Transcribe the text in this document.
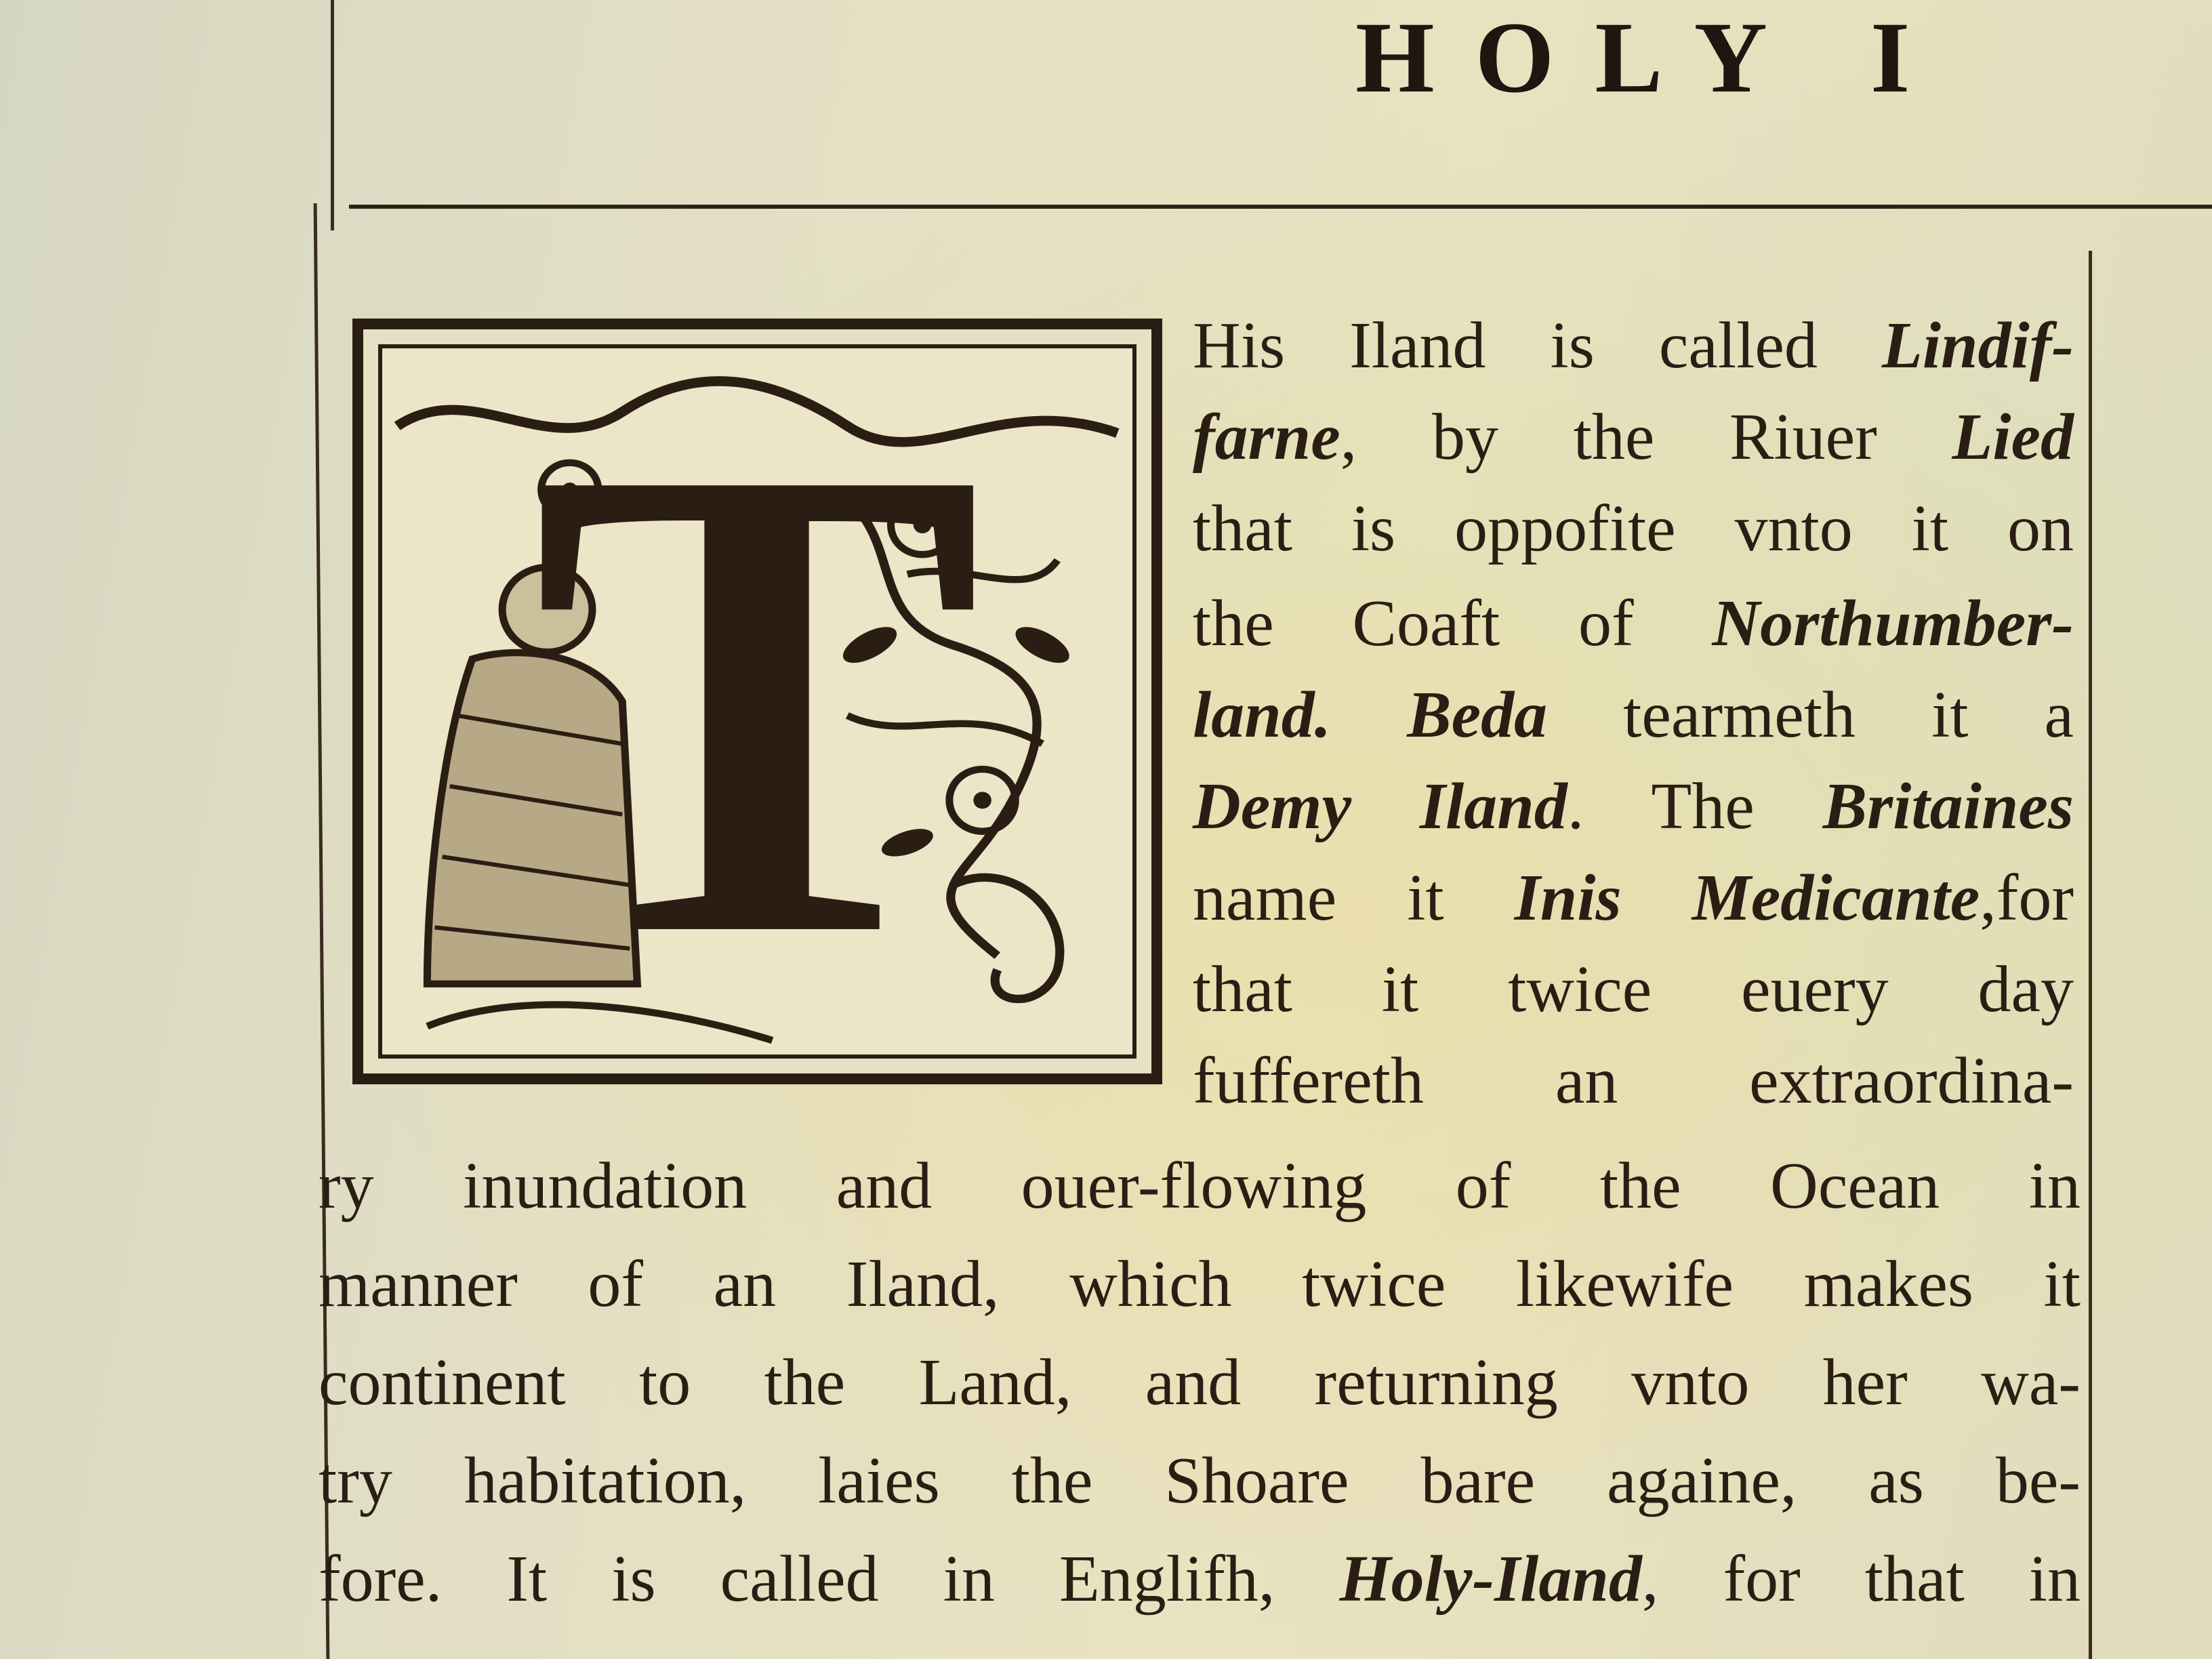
HOLY I
T	His Iland is called Lindif-
farne, by the Riuer Lied
that is oppofite vnto it on
the Coaft of Northumber-
land. Beda tearmeth it a
Demy Iland. The Britaines
name it Inis Medicante,for
that it twice euery day
fuffereth an extraordina-
ry inundation and ouer-flowing of the Ocean in
manner of an Iland, which twice likewife makes it
continent to the Land, and returning vnto her wa-
try habitation, laies the Shoare bare againe, as be-
fore. It is called in Englifh, Holy-Iland, for that in
